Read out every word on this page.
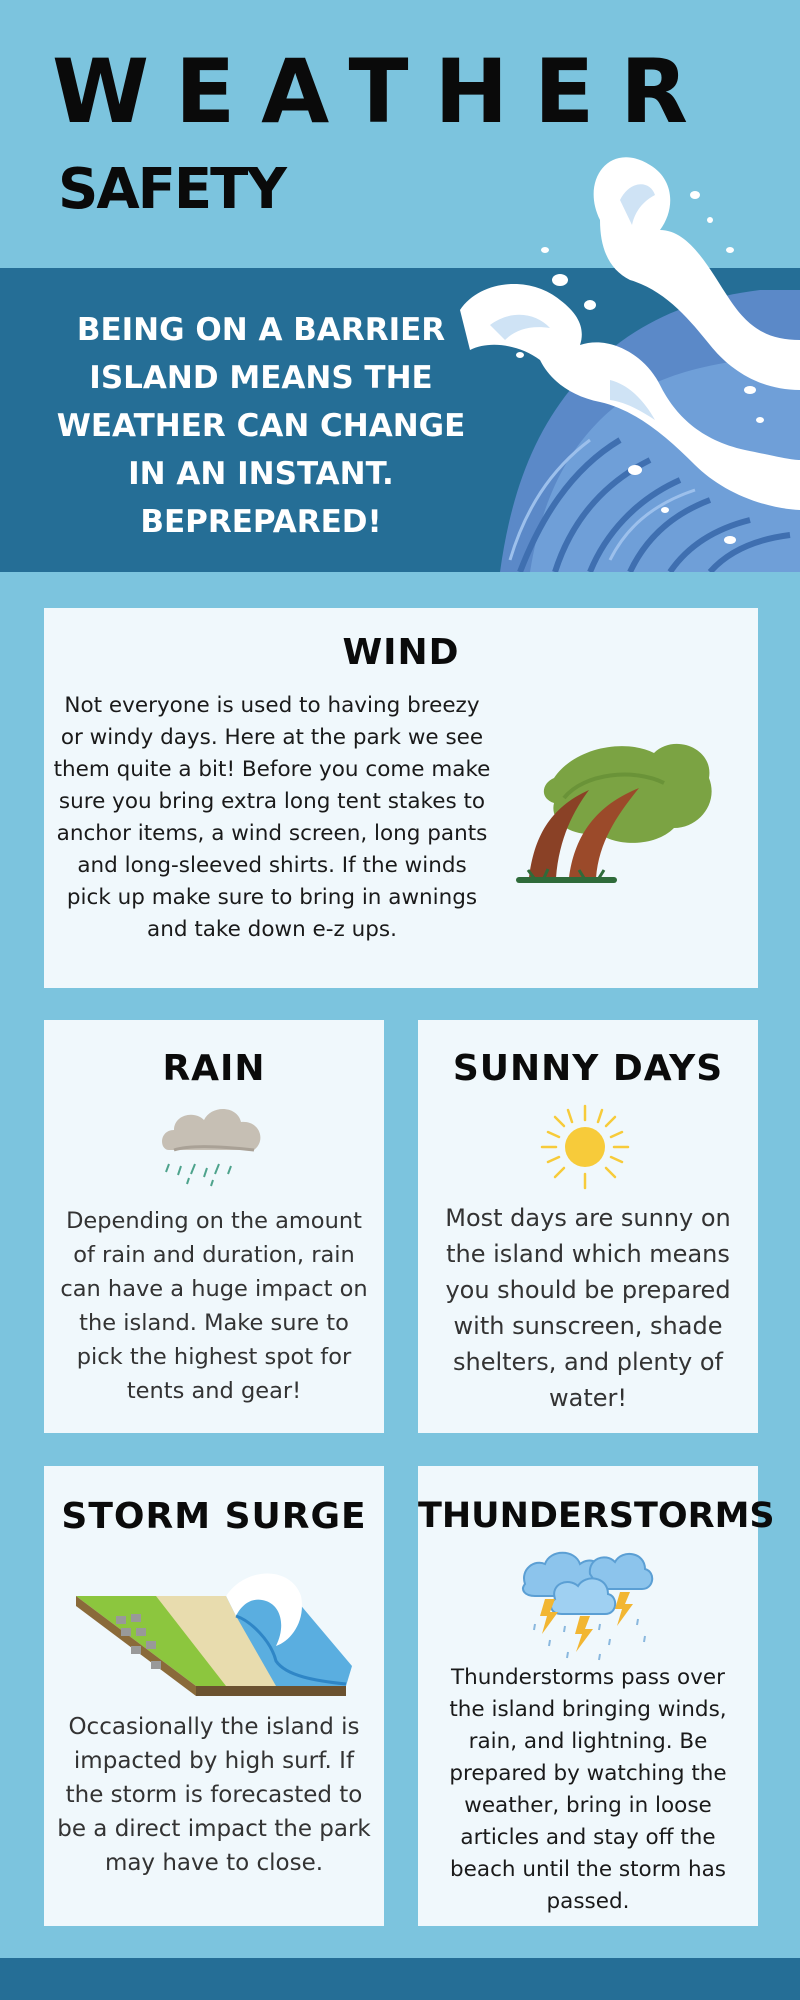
WEATHER
SAFETY
BEING ON A BARRIER ISLAND MEANS THE WEATHER CAN CHANGE IN AN INSTANT. BEPREPARED!
WIND
Not everyone is used to having breezy or windy days. Here at the park we see them quite a bit! Before you come make sure you bring extra long tent stakes to anchor items, a wind screen, long pants and long-sleeved shirts. If the winds pick up make sure to bring in awnings and take down e-z ups.
RAIN
Depending on the amount of rain and duration, rain can have a huge impact on the island. Make sure to pick the highest spot for tents and gear!
SUNNY DAYS
Most days are sunny on the island which means you should be prepared with sunscreen, shade shelters, and plenty of water!
STORM SURGE
Occasionally the island is impacted by high surf. If the storm is forecasted to be a direct impact the park may have to close.
THUNDERSTORMS
Thunderstorms pass over the island bringing winds, rain, and lightning. Be prepared by watching the weather, bring in loose articles and stay off the beach until the storm has passed.
